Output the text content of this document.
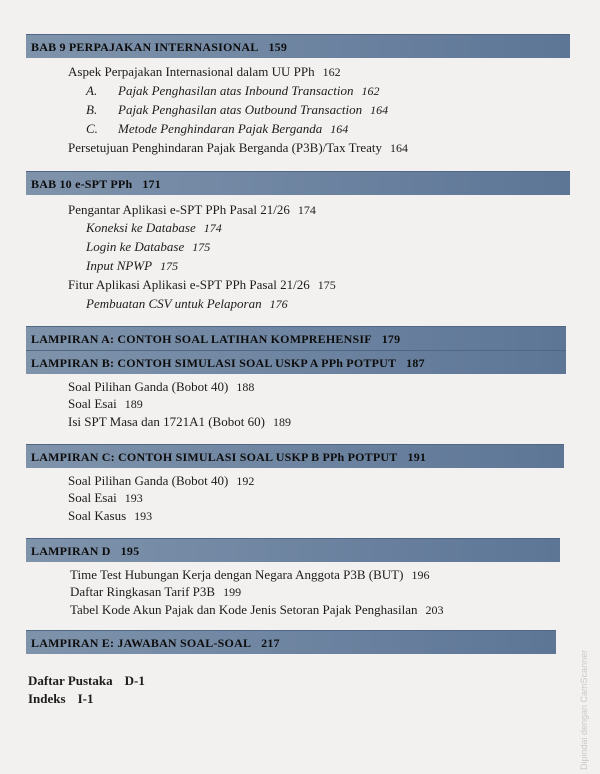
BAB 9 PERPAJAKAN INTERNASIONAL 159
Aspek Perpajakan Internasional dalam UU PPh 162
A. Pajak Penghasilan atas Inbound Transaction 162
B. Pajak Penghasilan atas Outbound Transaction 164
C. Metode Penghindaran Pajak Berganda 164
Persetujuan Penghindaran Pajak Berganda (P3B)/Tax Treaty 164
BAB 10 e-SPT PPh 171
Pengantar Aplikasi e-SPT PPh Pasal 21/26 174
Koneksi ke Database 174
Login ke Database 175
Input NPWP 175
Fitur Aplikasi Aplikasi e-SPT PPh Pasal 21/26 175
Pembuatan CSV untuk Pelaporan 176
LAMPIRAN A: CONTOH SOAL LATIHAN KOMPREHENSIF 179
LAMPIRAN B: CONTOH SIMULASI SOAL USKP A PPh POTPUT 187
Soal Pilihan Ganda (Bobot 40) 188
Soal Esai 189
Isi SPT Masa dan 1721A1 (Bobot 60) 189
LAMPIRAN C: CONTOH SIMULASI SOAL USKP B PPh POTPUT 191
Soal Pilihan Ganda (Bobot 40) 192
Soal Esai 193
Soal Kasus 193
LAMPIRAN D 195
Time Test Hubungan Kerja dengan Negara Anggota P3B (BUT) 196
Daftar Ringkasan Tarif P3B 199
Tabel Kode Akun Pajak dan Kode Jenis Setoran Pajak Penghasilan 203
LAMPIRAN E: JAWABAN SOAL-SOAL 217
Daftar Pustaka D-1
Indeks I-1	Dipindai dengan CamScanner
